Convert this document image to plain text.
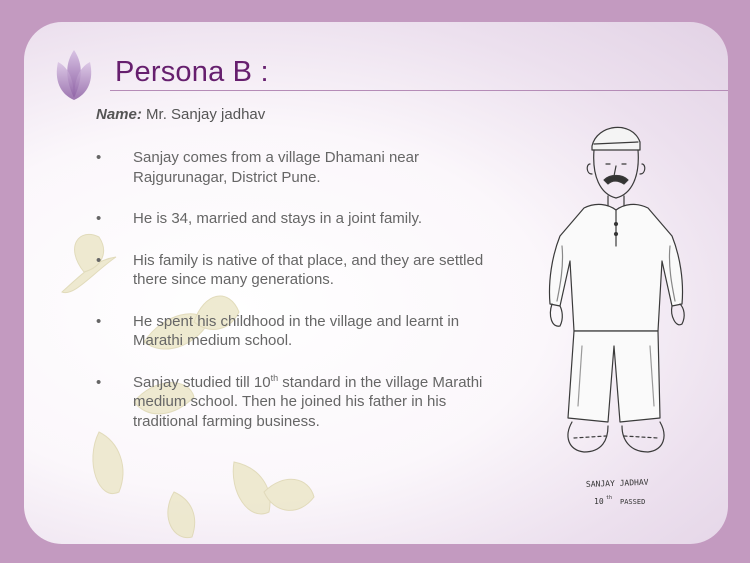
Persona B :
Name: Mr. Sanjay jadhav
• Sanjay comes from a village Dhamani near Rajgurunagar, District Pune.
• He is 34, married and stays in a joint family.
• His family is native of that place, and they are settled there since many generations.
• He spent his childhood in the village and learnt in Marathi medium school.
• Sanjay studied till 10th standard in the village Marathi medium school. Then he joined his father in his traditional farming business.
SANJAY JADHAV
10 th PASSED
